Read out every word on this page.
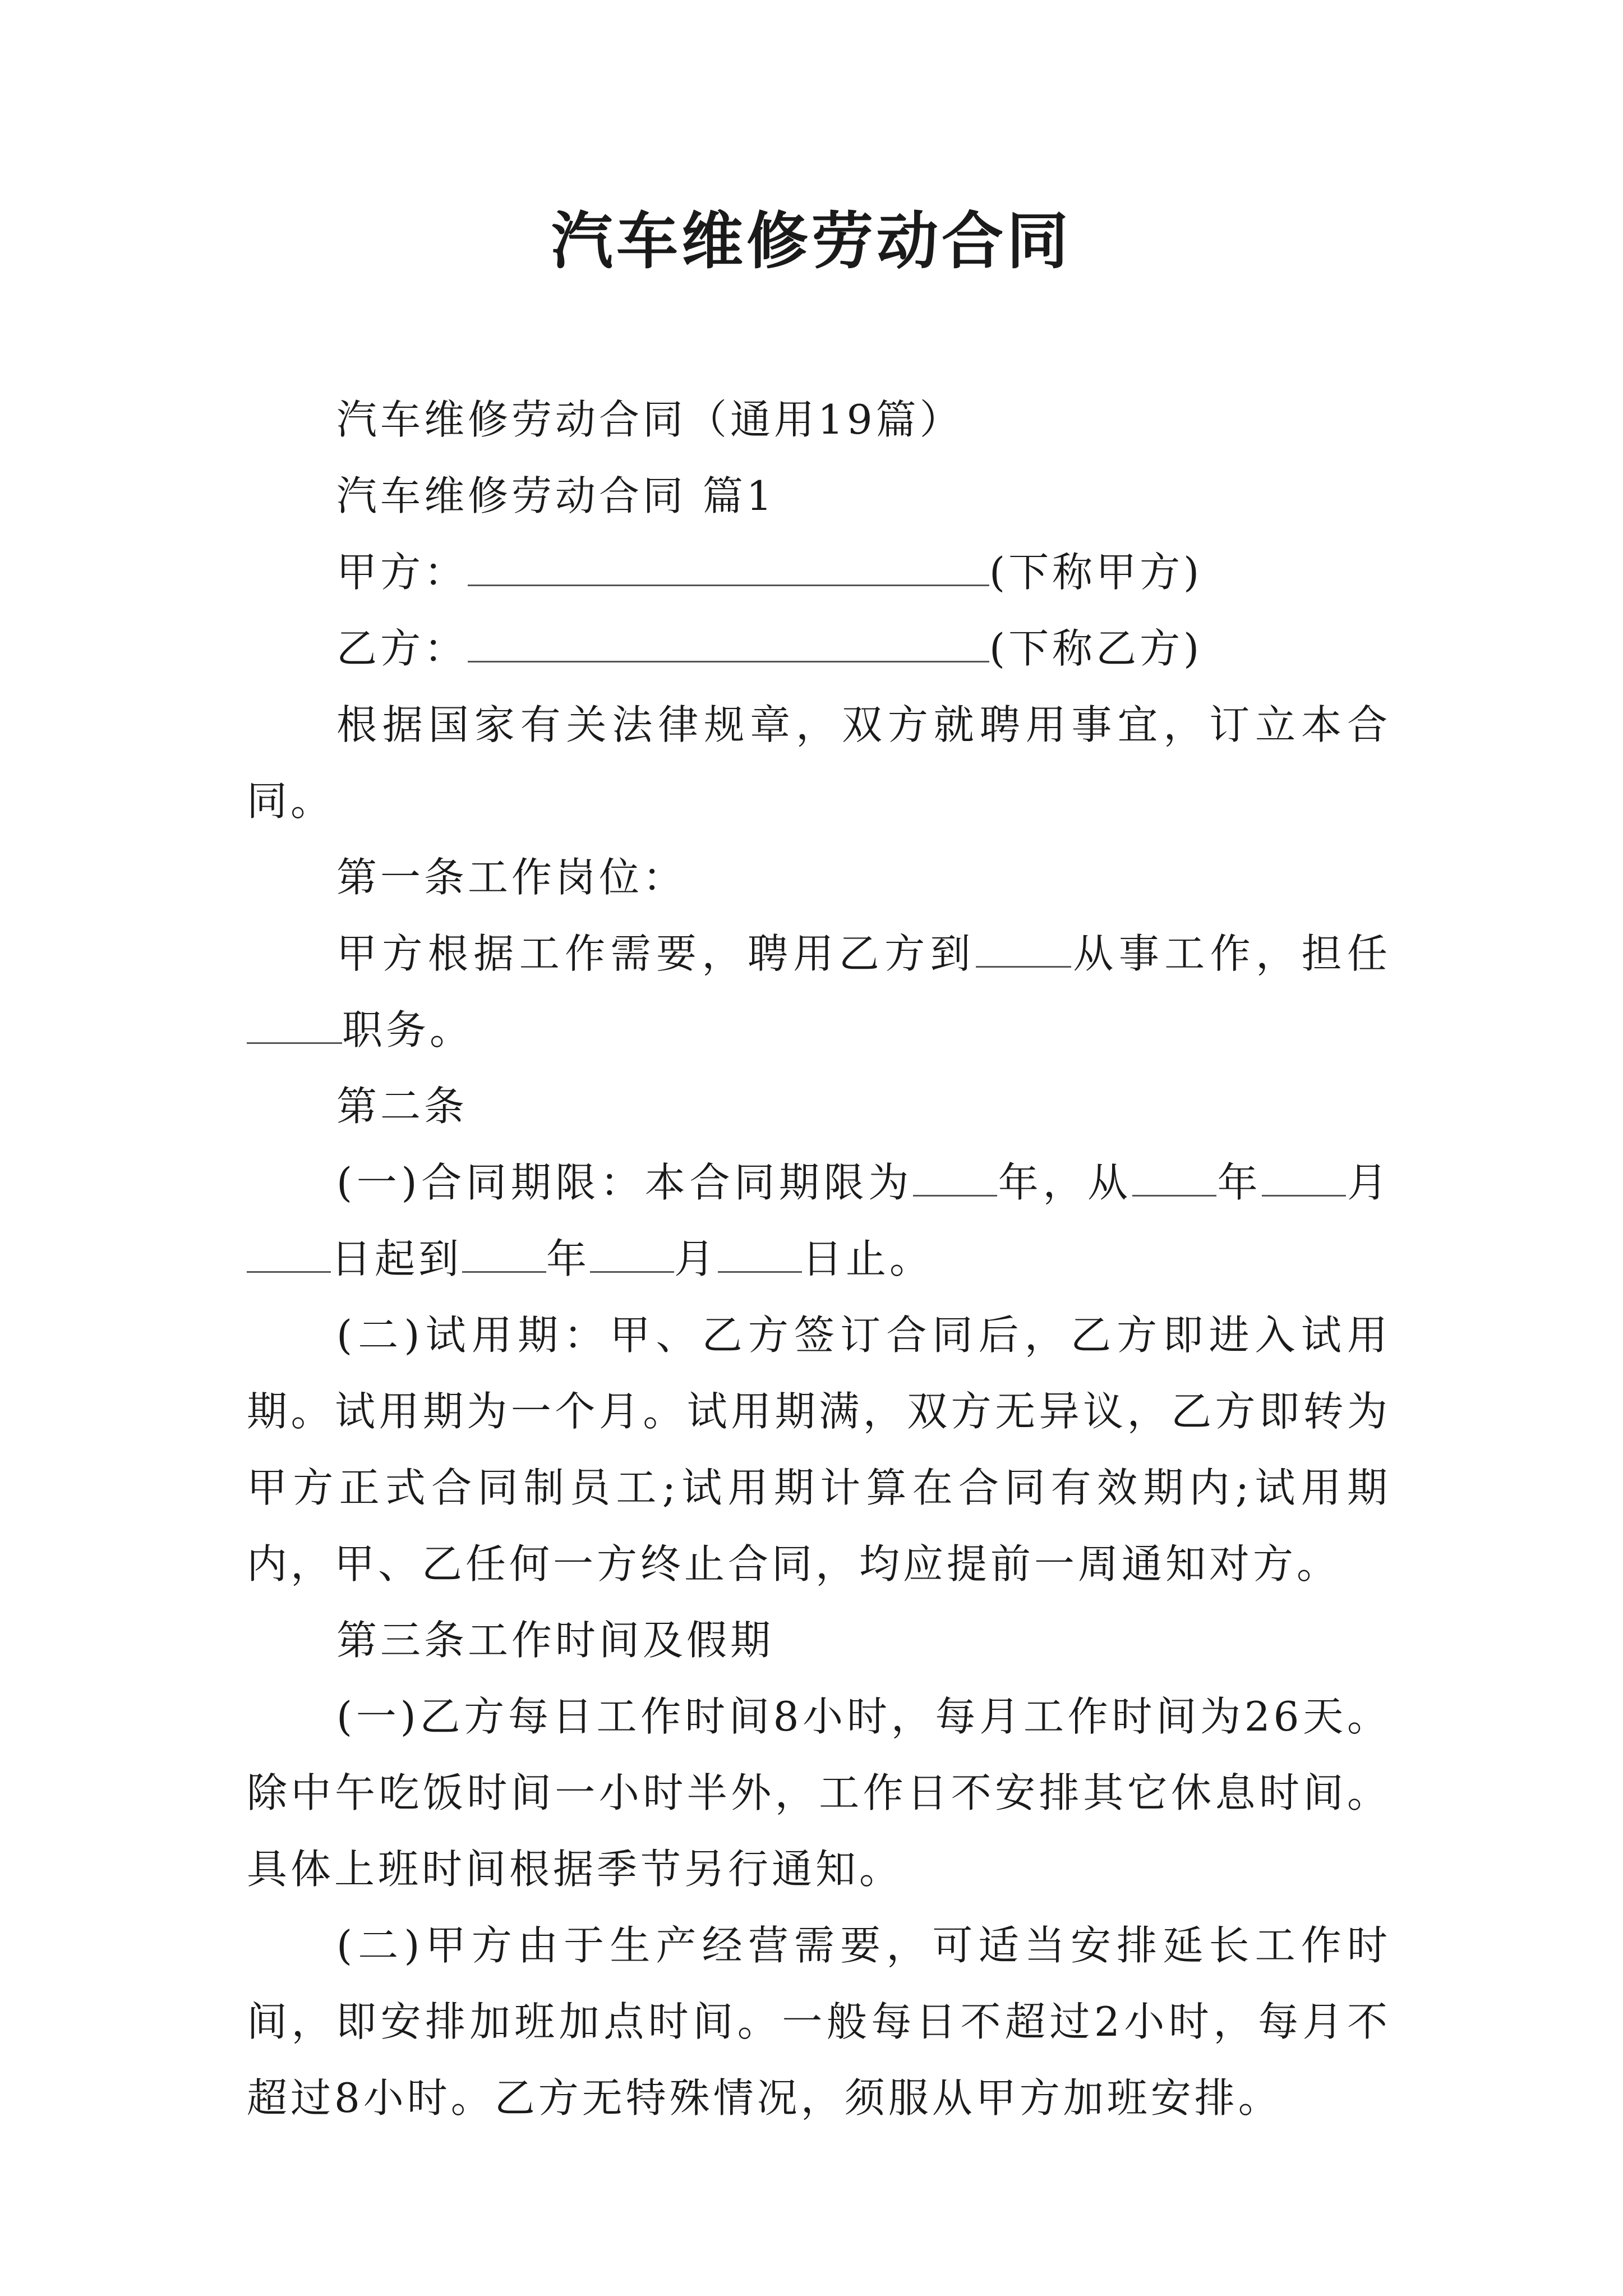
汽车维修劳动合同

汽车维修劳动合同（通用19篇）

汽车维修劳动合同 篇1

甲方：	(下称甲方)

乙方：	(下称乙方)

根据国家有关法律规章，双方就聘用事宜，订立本合同。

第一条工作岗位：

甲方根据工作需要，聘用乙方到 从事工作，担任职务。

第二条

(一)合同期限：本合同期限为 年，从 年 月日起到 年 月 日止。

(二)试用期：甲、乙方签订合同后，乙方即进入试用期。试用期为一个月。试用期满，双方无异议，乙方即转为甲方正式合同制员工;试用期计算在合同有效期内;试用期内，甲、乙任何一方终止合同，均应提前一周通知对方。

第三条工作时间及假期

(一)乙方每日工作时间8小时，每月工作时间为26天。除中午吃饭时间一小时半外，工作日不安排其它休息时间。具体上班时间根据季节另行通知。

(二)甲方由于生产经营需要，可适当安排延长工作时间，即安排加班加点时间。一般每日不超过2小时，每月不超过8小时。乙方无特殊情况，须服从甲方加班安排。
